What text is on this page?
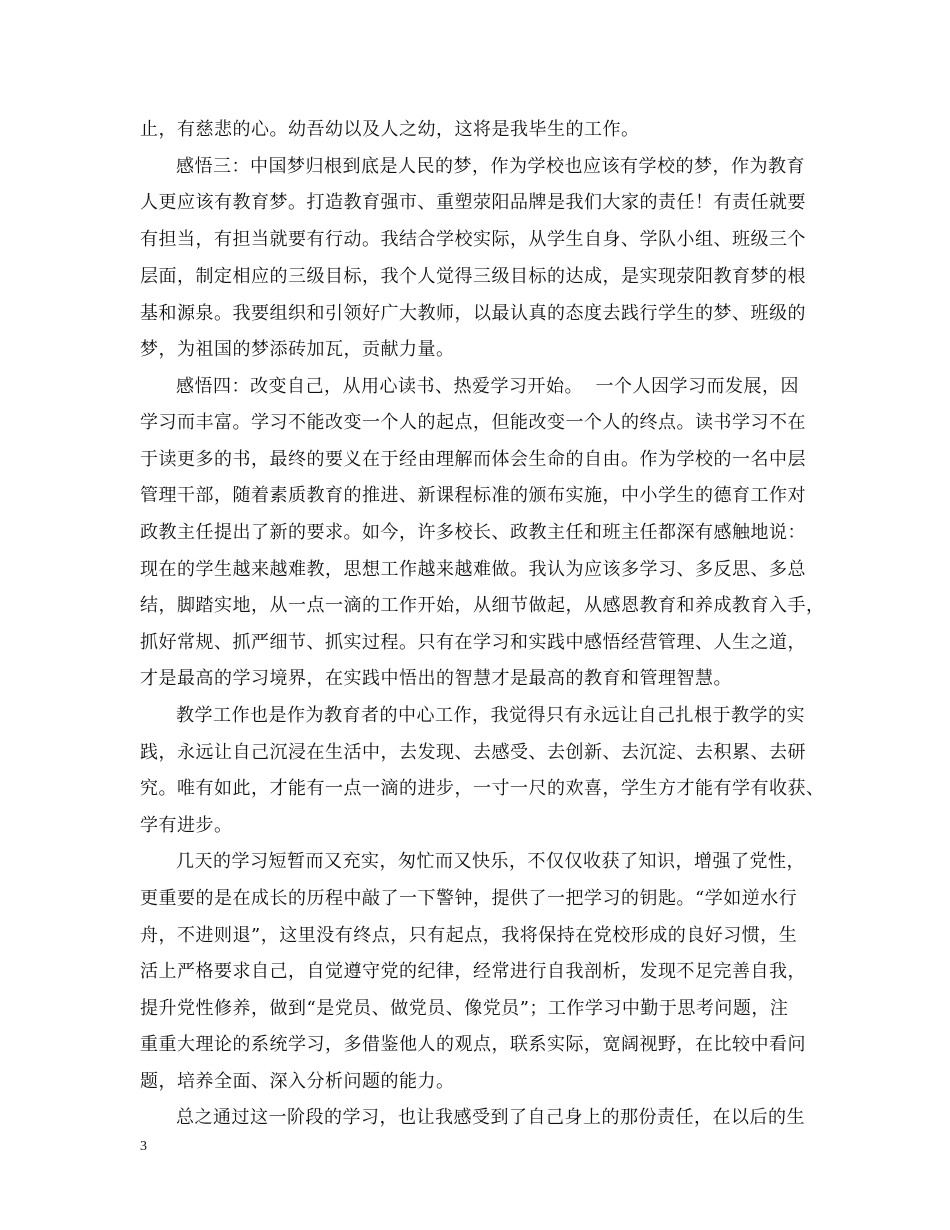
止，有慈悲的心。幼吾幼以及人之幼，这将是我毕生的工作。
感悟三：中国梦归根到底是人民的梦，作为学校也应该有学校的梦，作为教育
人更应该有教育梦。打造教育强市、重塑荥阳品牌是我们大家的责任！有责任就要
有担当，有担当就要有行动。我结合学校实际，从学生自身、学队小组、班级三个
层面，制定相应的三级目标，我个人觉得三级目标的达成，是实现荥阳教育梦的根
基和源泉。我要组织和引领好广大教师，以最认真的态度去践行学生的梦、班级的
梦，为祖国的梦添砖加瓦，贡献力量。
感悟四：改变自己，从用心读书、热爱学习开始。  一个人因学习而发展，因
学习而丰富。学习不能改变一个人的起点，但能改变一个人的终点。读书学习不在
于读更多的书，最终的要义在于经由理解而体会生命的自由。作为学校的一名中层
管理干部，随着素质教育的推进、新课程标准的颁布实施，中小学生的德育工作对
政教主任提出了新的要求。如今，许多校长、政教主任和班主任都深有感触地说：
现在的学生越来越难教，思想工作越来越难做。我认为应该多学习、多反思、多总
结，脚踏实地，从一点一滴的工作开始，从细节做起，从感恩教育和养成教育入手，
抓好常规、抓严细节、抓实过程。只有在学习和实践中感悟经营管理、人生之道，
才是最高的学习境界，在实践中悟出的智慧才是最高的教育和管理智慧。
教学工作也是作为教育者的中心工作，我觉得只有永远让自己扎根于教学的实
践，永远让自己沉浸在生活中，去发现、去感受、去创新、去沉淀、去积累、去研
究。唯有如此，才能有一点一滴的进步，一寸一尺的欢喜，学生方才能有学有收获、
学有进步。
几天的学习短暂而又充实，匆忙而又快乐，不仅仅收获了知识，增强了党性，
更重要的是在成长的历程中敲了一下警钟，提供了一把学习的钥匙。“学如逆水行
舟，不进则退”，这里没有终点，只有起点，我将保持在党校形成的良好习惯，生
活上严格要求自己，自觉遵守党的纪律，经常进行自我剖析，发现不足完善自我，
提升党性修养，做到“是党员、做党员、像党员”；工作学习中勤于思考问题，注
重重大理论的系统学习，多借鉴他人的观点，联系实际，宽阔视野，在比较中看问
题，培养全面、深入分析问题的能力。
总之通过这一阶段的学习，也让我感受到了自己身上的那份责任，在以后的生
3
